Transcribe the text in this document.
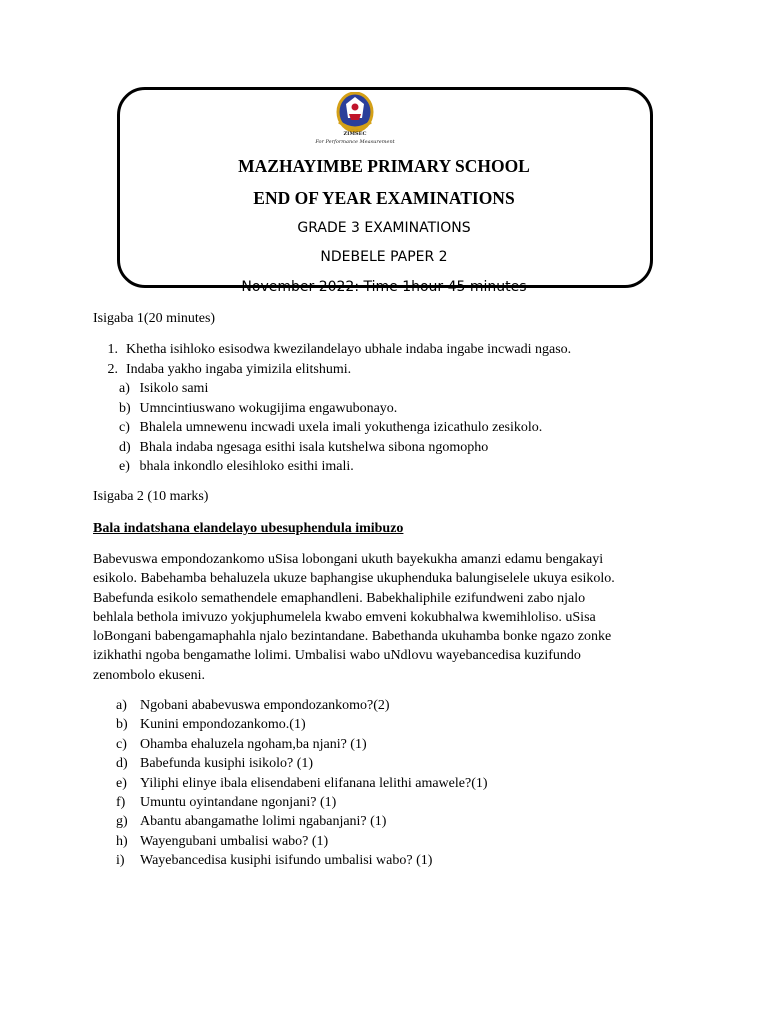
ZIMSEC
For Performance Measurement
MAZHAYIMBE PRIMARY SCHOOL
END OF YEAR EXAMINATIONS
GRADE 3 EXAMINATIONS
NDEBELE PAPER 2
November 2022: Time 1hour 45 minutes
Isigaba 1(20 minutes)
1. Khetha isihloko esisodwa kwezilandelayo ubhale indaba ingabe incwadi ngaso.
2. Indaba yakho ingaba yimizila elitshumi.
a) Isikolo sami
b) Umncintiuswano wokugijima engawubonayo.
c) Bhalela umnewenu incwadi uxela imali yokuthenga izicathulo zesikolo.
d) Bhala indaba ngesaga esithi isala kutshelwa sibona ngomopho
e) bhala inkondlo elesihloko esithi imali.
Isigaba 2 (10 marks)
Bala indatshana elandelayo ubesuphendula imibuzo
Babevuswa empondozankomo uSisa lobongani ukuth bayekukha amanzi edamu bengakayi
esikolo. Babehamba behaluzela ukuze baphangise ukuphenduka balungiselele ukuya esikolo.
Babefunda esikolo semathendele emaphandleni. Babekhaliphile ezifundweni zabo njalo
behlala bethola imivuzo yokjuphumelela kwabo emveni kokubhalwa kwemihloliso. uSisa
loBongani babengamaphahla njalo bezintandane. Babethanda ukuhamba bonke ngazo zonke
izikhathi ngoba bengamathe lolimi. Umbalisi wabo uNdlovu wayebancedisa kuzifundo
zenombolo ekuseni.
a) Ngobani ababevuswa empondozankomo?(2)
b) Kunini empondozankomo.(1)
c) Ohamba ehaluzela ngoham,ba njani? (1)
d) Babefunda kusiphi isikolo? (1)
e) Yiliphi elinye ibala elisendabeni elifanana lelithi amawele?(1)
f)	Umuntu oyintandane ngonjani? (1)
g) Abantu abangamathe lolimi ngabanjani? (1)
h) Wayengubani umbalisi wabo? (1)
i)	Wayebancedisa kusiphi isifundo umbalisi wabo? (1)
